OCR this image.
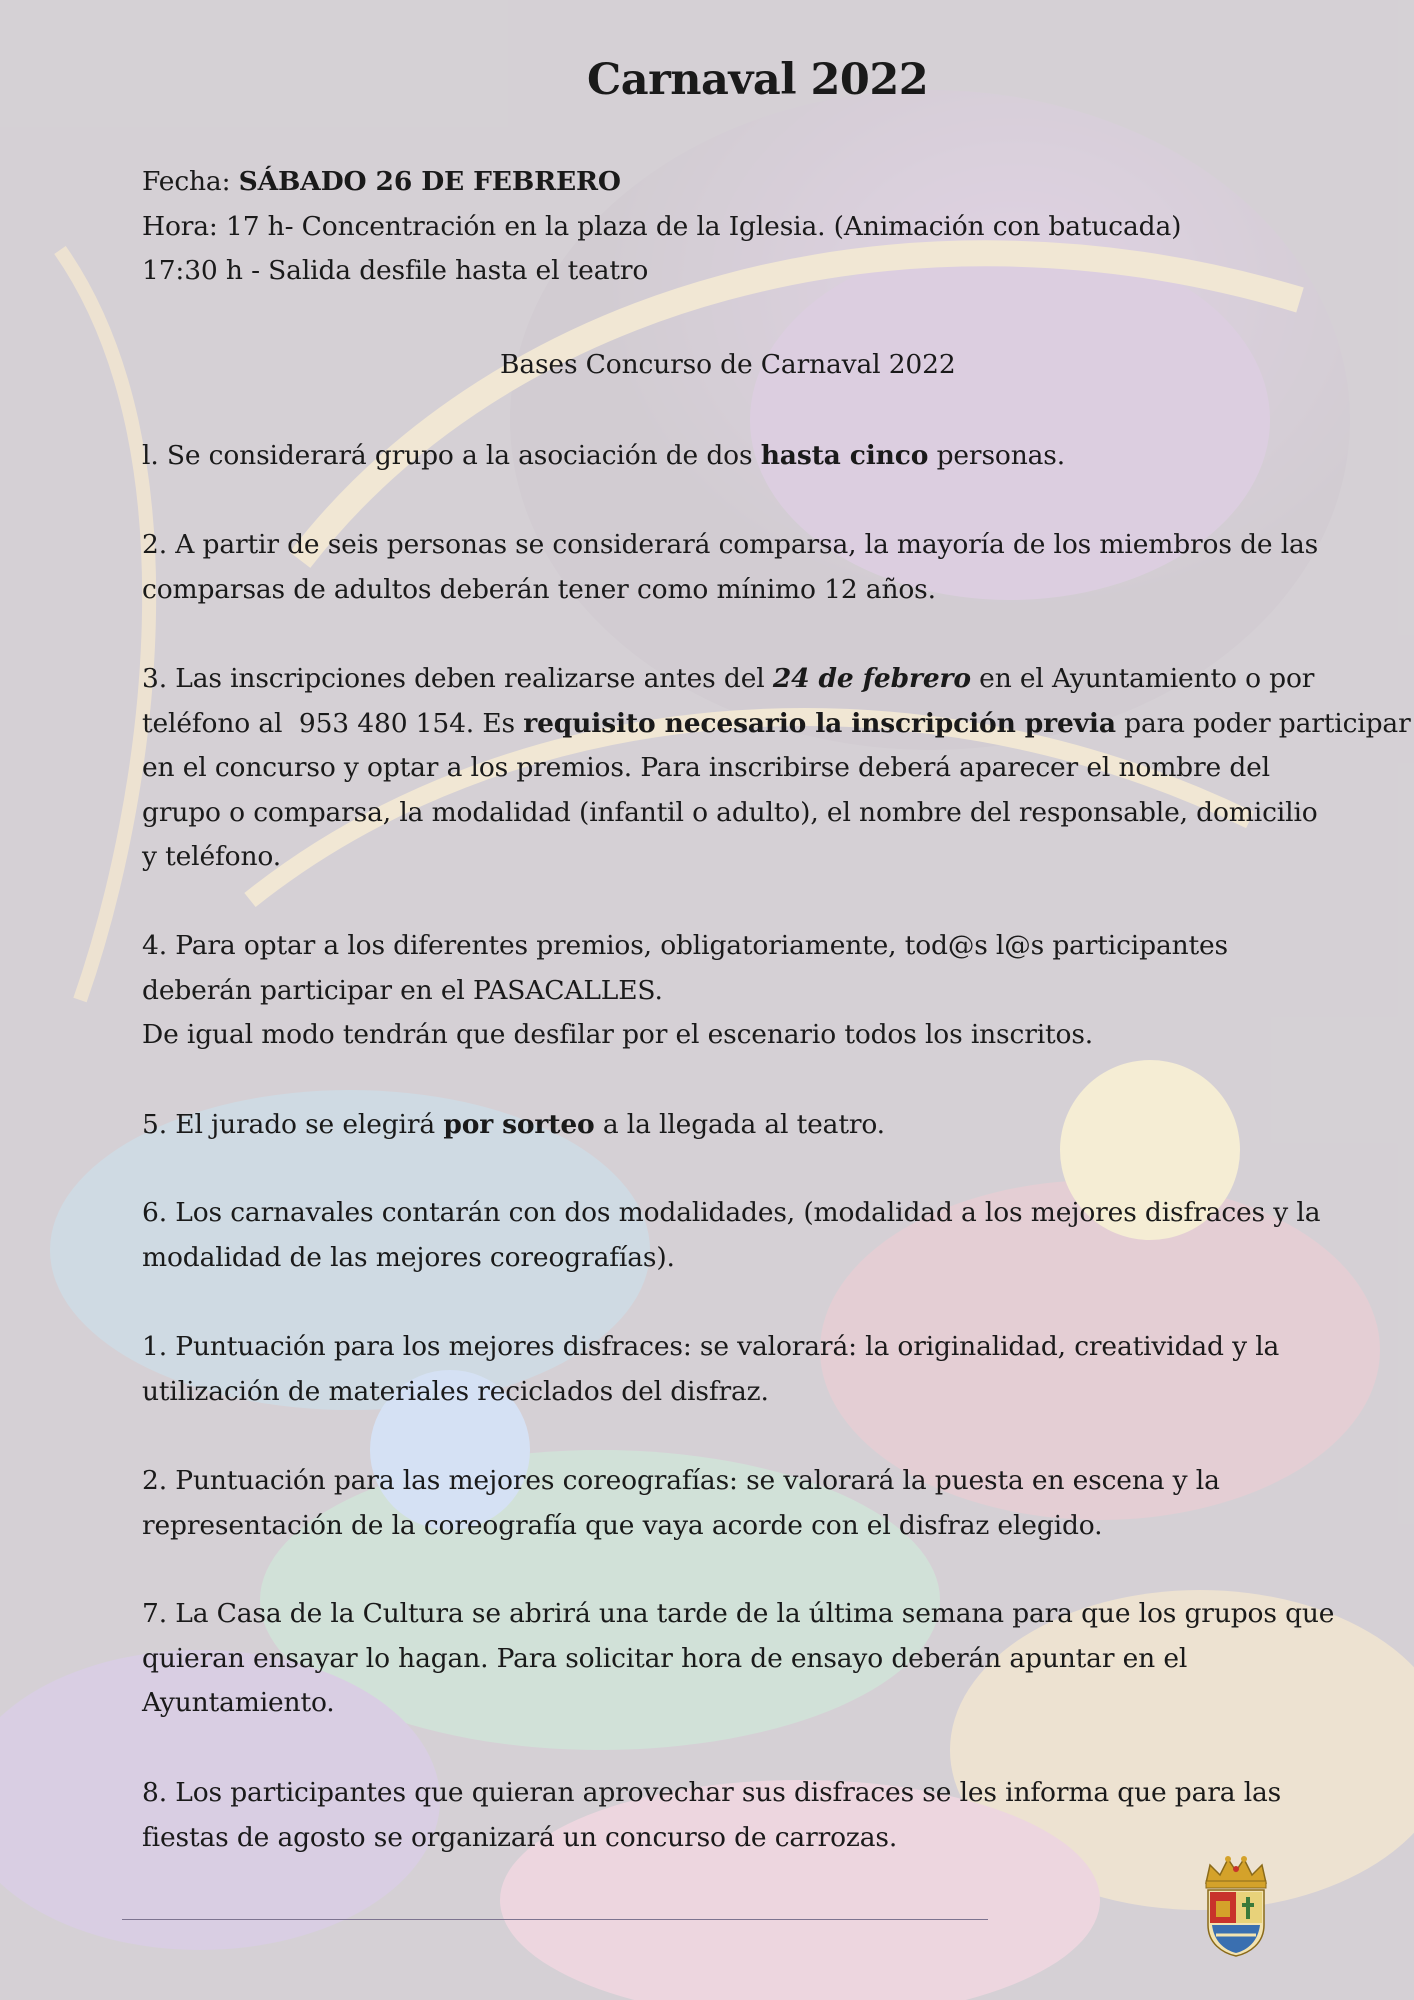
Carnaval 2022

Fecha: SÁBADO 26 DE FEBRERO

Hora: 17 h- Concentración en la plaza de la Iglesia. (Animación con batucada)

17:30 h - Salida desfile hasta el teatro

Bases Concurso de Carnaval 2022

l. Se considerará grupo a la asociación de dos hasta cinco personas.

2. A partir de seis personas se considerará comparsa, la mayoría de los miembros de las

comparsas de adultos deberán tener como mínimo 12 años.

3. Las inscripciones deben realizarse antes del 24 de febrero en el Ayuntamiento o por

teléfono al  953 480 154. Es requisito necesario la inscripción previa para poder participar

en el concurso y optar a los premios. Para inscribirse deberá aparecer el nombre del

grupo o comparsa, la modalidad (infantil o adulto), el nombre del responsable, domicilio

y teléfono.

4. Para optar a los diferentes premios, obligatoriamente, tod@s l@s participantes

deberán participar en el PASACALLES.

De igual modo tendrán que desfilar por el escenario todos los inscritos.

5. El jurado se elegirá por sorteo a la llegada al teatro.

6. Los carnavales contarán con dos modalidades, (modalidad a los mejores disfraces y la

modalidad de las mejores coreografías).

1. Puntuación para los mejores disfraces: se valorará: la originalidad, creatividad y la

utilización de materiales reciclados del disfraz.

2. Puntuación para las mejores coreografías: se valorará la puesta en escena y la

representación de la coreografía que vaya acorde con el disfraz elegido.

7. La Casa de la Cultura se abrirá una tarde de la última semana para que los grupos que

quieran ensayar lo hagan. Para solicitar hora de ensayo deberán apuntar en el

Ayuntamiento.

8. Los participantes que quieran aprovechar sus disfraces se les informa que para las

fiestas de agosto se organizará un concurso de carrozas.
